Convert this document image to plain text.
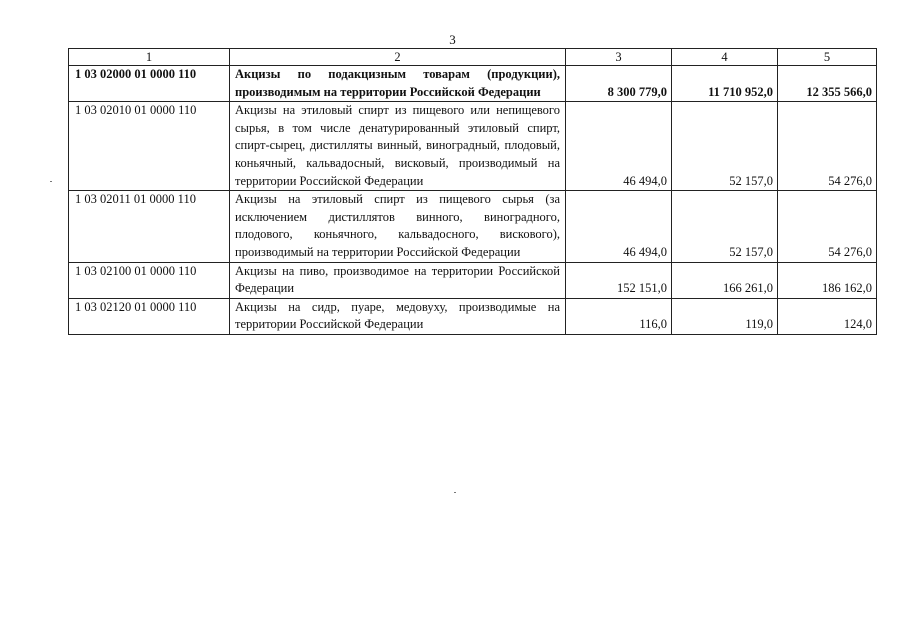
3
1	2	3	4	5
1 03 02000 01 0000 110	Акцизы по подакцизным товарам (продукции), производимым на территории Российской Федерации	8 300 779,0	11 710 952,0	12 355 566,0
1 03 02010 01 0000 110	Акцизы на этиловый спирт из пищевого или непищевого сырья, в том числе денатурированный этиловый спирт, спирт-сырец, дистилляты винный, виноградный, плодовый, коньячный, кальвадосный, висковый, производимый на территории Российской Федерации	46 494,0	52 157,0	54 276,0
1 03 02011 01 0000 110	Акцизы на этиловый спирт из пищевого сырья (за исключением дистиллятов винного, виноградного, плодового, коньячного, кальвадосного, вискового), производимый на территории Российской Федерации	46 494,0	52 157,0	54 276,0
1 03 02100 01 0000 110	Акцизы на пиво, производимое на территории Российской Федерации	152 151,0	166 261,0	186 162,0
1 03 02120 01 0000 110	Акцизы на сидр, пуаре, медовуху, производимые на территории Российской Федерации	116,0	119,0	124,0
